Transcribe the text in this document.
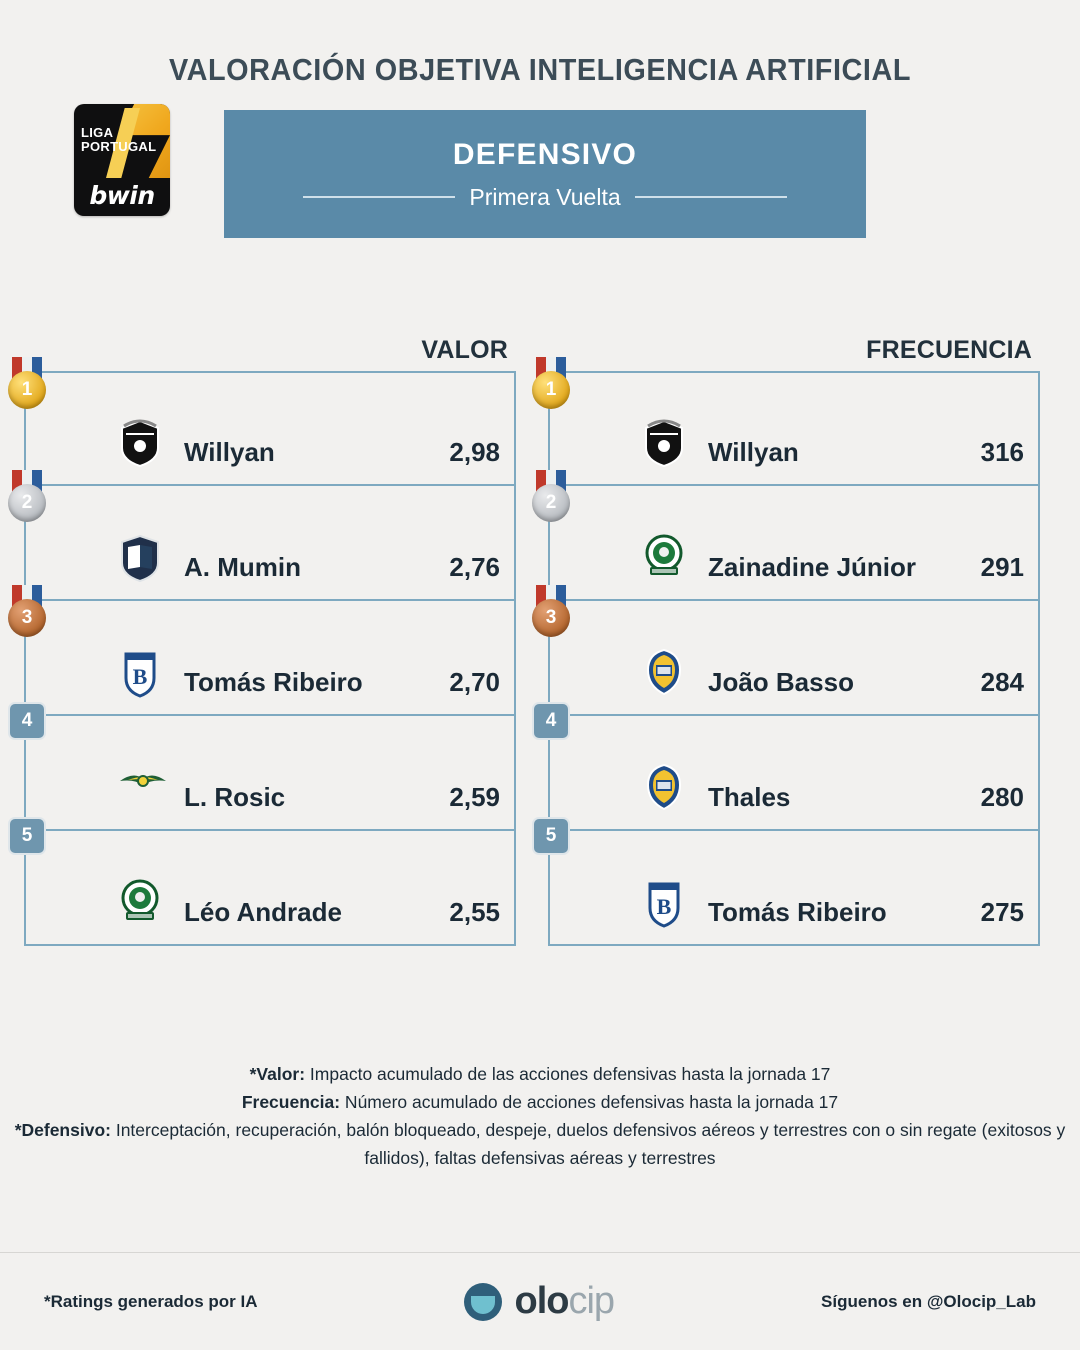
VALORACIÓN OBJETIVA INTELIGENCIA ARTIFICIAL
LIGA
PORTUGAL
bwin
DEFENSIVO
Primera Vuelta
VALOR
1
Willyan	2,98
2
A. Mumin	2,76
3
B Tomás Ribeiro	2,70
4
L. Rosic	2,59
5
Léo Andrade	2,55
FRECUENCIA
1
Willyan	316
2
Zainadine Júnior	291
3
João Basso	284
4
Thales	280
5
B Tomás Ribeiro	275

*Valor: Impacto acumulado de las acciones defensivas hasta la jornada 17

Frecuencia: Número acumulado de acciones defensivas hasta la jornada 17

*Defensivo: Interceptación, recuperación, balón bloqueado, despeje, duelos defensivos aéreos y terrestres con o sin regate (exitosos y fallidos), faltas defensivas aéreas y terrestres

*Ratings generados por IA	olocip	Síguenos en @Olocip_Lab
